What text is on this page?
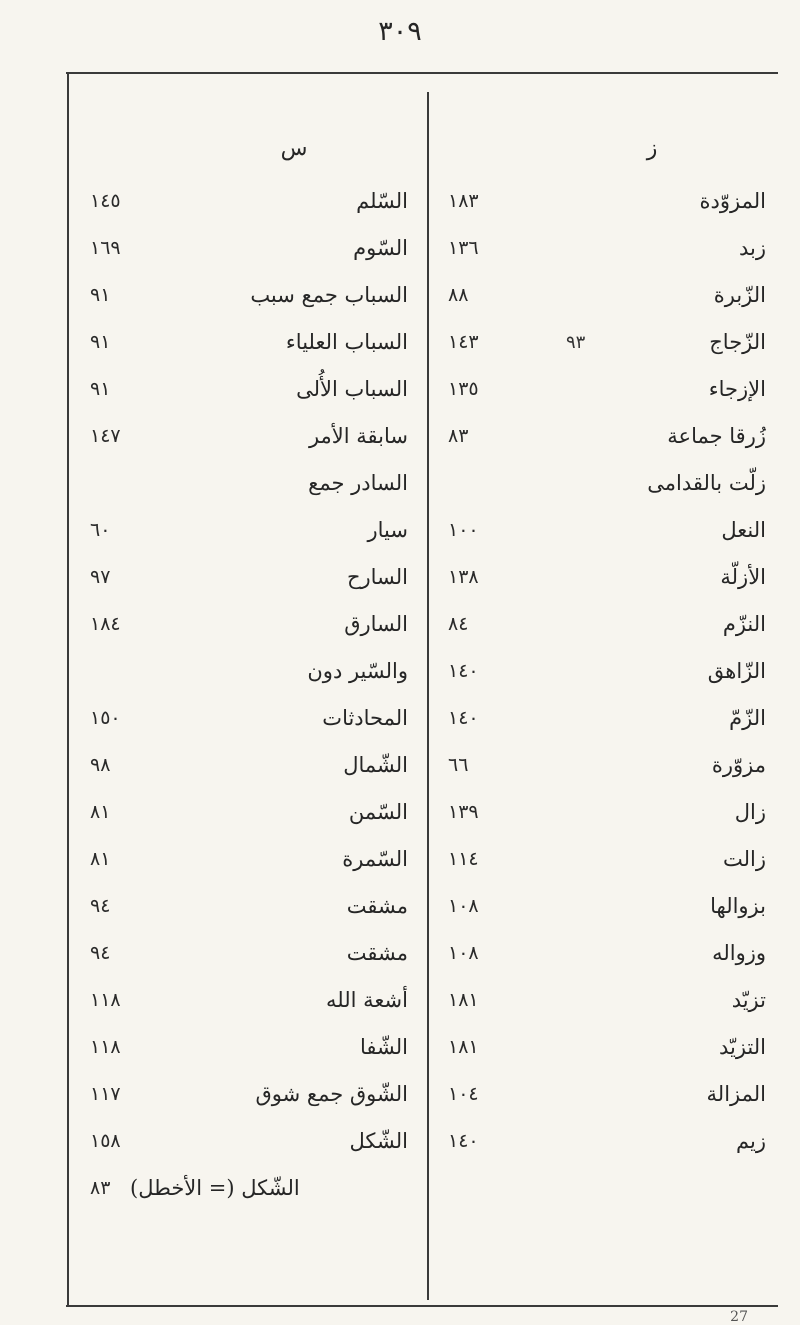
٣٠٩
27
س
السّلم
١٤٥
السّوم
١٦٩
السباب جمع سبب
٩١
السباب العلياء
٩١
السباب الأُلى
٩١
سابقة الأمر
١٤٧
السادر جمع
سيار
٦٠
السارح
٩٧
السارق
١٨٤
والسّير دون
المحادثات
١٥٠
الشّمال
٩٨
السّمن
٨١
السّمرة
٨١
مشقت
٩٤
مشقت
٩٤
أشعة الله
١١٨
الشّفا
١١٨
الشّوق جمع شوق
١١٧
الشّكل
١٥٨
الشّكل (= الأخطل)
٨٣
ز
المزوّدة
١٨٣
زبد
١٣٦
الزّبرة
٨٨
الزّجاج
٩٣
١٤٣
الإزجاء
١٣٥
زُرقا جماعة
٨٣
زلّت بالقدامى
النعل
١٠٠
الأزلّة
١٣٨
النزّم
٨٤
الزّاهق
١٤٠
الزّمّ
١٤٠
مزوّرة
٦٦
زال
١٣٩
زالت
١١٤
بزوالها
١٠٨
وزواله
١٠٨
تزيّد
١٨١
التزيّد
١٨١
المزالة
١٠٤
زيم
١٤٠
